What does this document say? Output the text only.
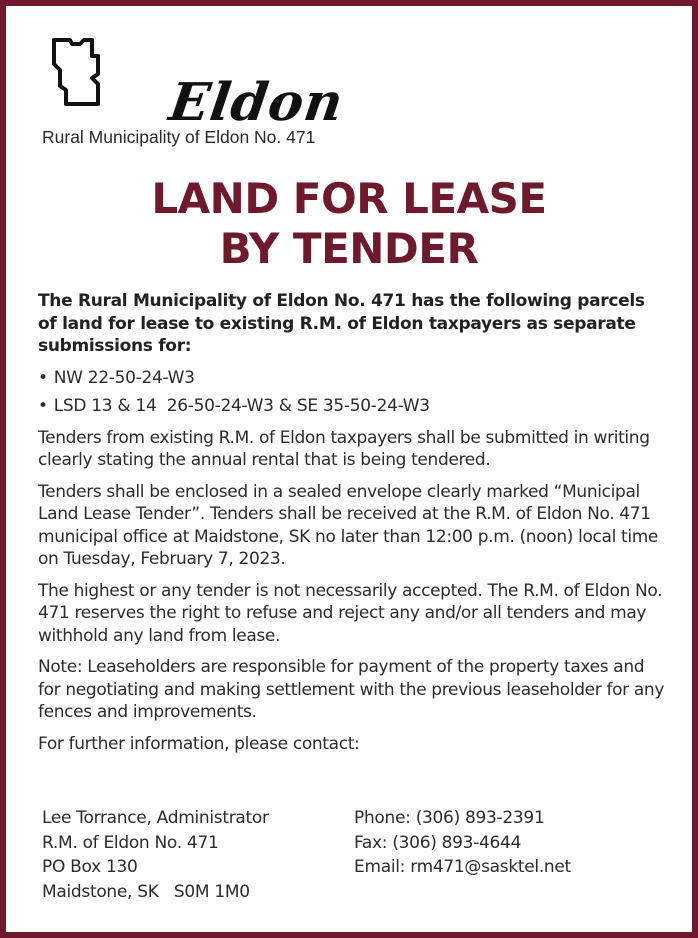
Eldon
Rural Municipality of Eldon No. 471
LAND FOR LEASE
BY TENDER

The Rural Municipality of Eldon No. 471 has the following parcels of land for lease to existing R.M. of Eldon taxpayers as separate submissions for:

• NW 22-50-24-W3
• LSD 13 & 14  26-50-24-W3 & SE 35-50-24-W3

Tenders from existing R.M. of Eldon taxpayers shall be submitted in writing clearly stating the annual rental that is being tendered.

Tenders shall be enclosed in a sealed envelope clearly marked “Municipal Land Lease Tender”. Tenders shall be received at the R.M. of Eldon No. 471 municipal office at Maidstone, SK no later than 12:00 p.m. (noon) local time on Tuesday, February 7, 2023.

The highest or any tender is not necessarily accepted. The R.M. of Eldon No. 471 reserves the right to refuse and reject any and/or all tenders and may withhold any land from lease.

Note: Leaseholders are responsible for payment of the property taxes and for negotiating and making settlement with the previous leaseholder for any fences and improvements.

For further information, please contact:

Lee Torrance, Administrator
R.M. of Eldon No. 471
PO Box 130
Maidstone, SK   S0M 1M0
Phone: (306) 893-2391
Fax: (306) 893-4644
Email: rm471@sasktel.net
